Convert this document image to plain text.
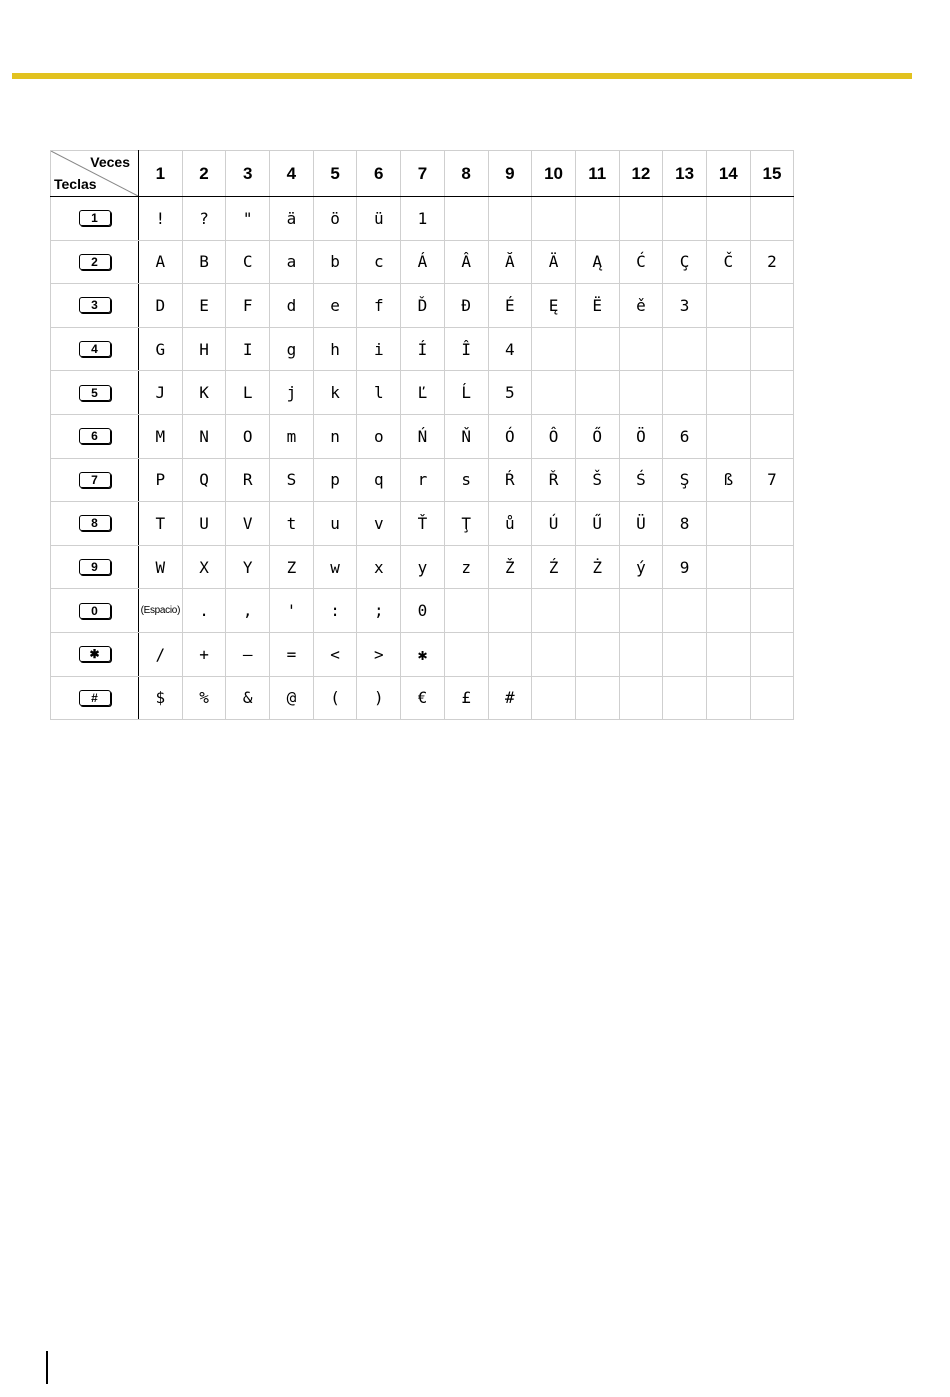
Veces
Teclas	1	2	3	4	5	6	7	8	9	10	11	12	13	14	15
1	!	?	"	ä	ö	ü	1								
2	A	B	C	a	b	c	Á	Â	Ă	Ä	Ą	Ć	Ç	Č	2
3	D	E	F	d	e	f	Ď	Đ	É	Ę	Ë	ě	3		
4	G	H	I	g	h	i	Í	Î	4						
5	J	K	L	j	k	l	Ľ	Ĺ	5						
6	M	N	O	m	n	o	Ń	Ň	Ó	Ô	Ő	Ö	6		
7	P	Q	R	S	p	q	r	s	Ŕ	Ř	Š	Ś	Ş	ß	7
8	T	U	V	t	u	v	Ť	Ţ	ů	Ú	Ű	Ü	8		
9	W	X	Y	Z	w	x	y	z	Ž	Ź	Ż	ý	9		
0	(Espacio)	.	,	'	:	;	0								
✱	/	+	—	=	<	>	✱								
#	$	%	&	@	(	)	€	£	#						
